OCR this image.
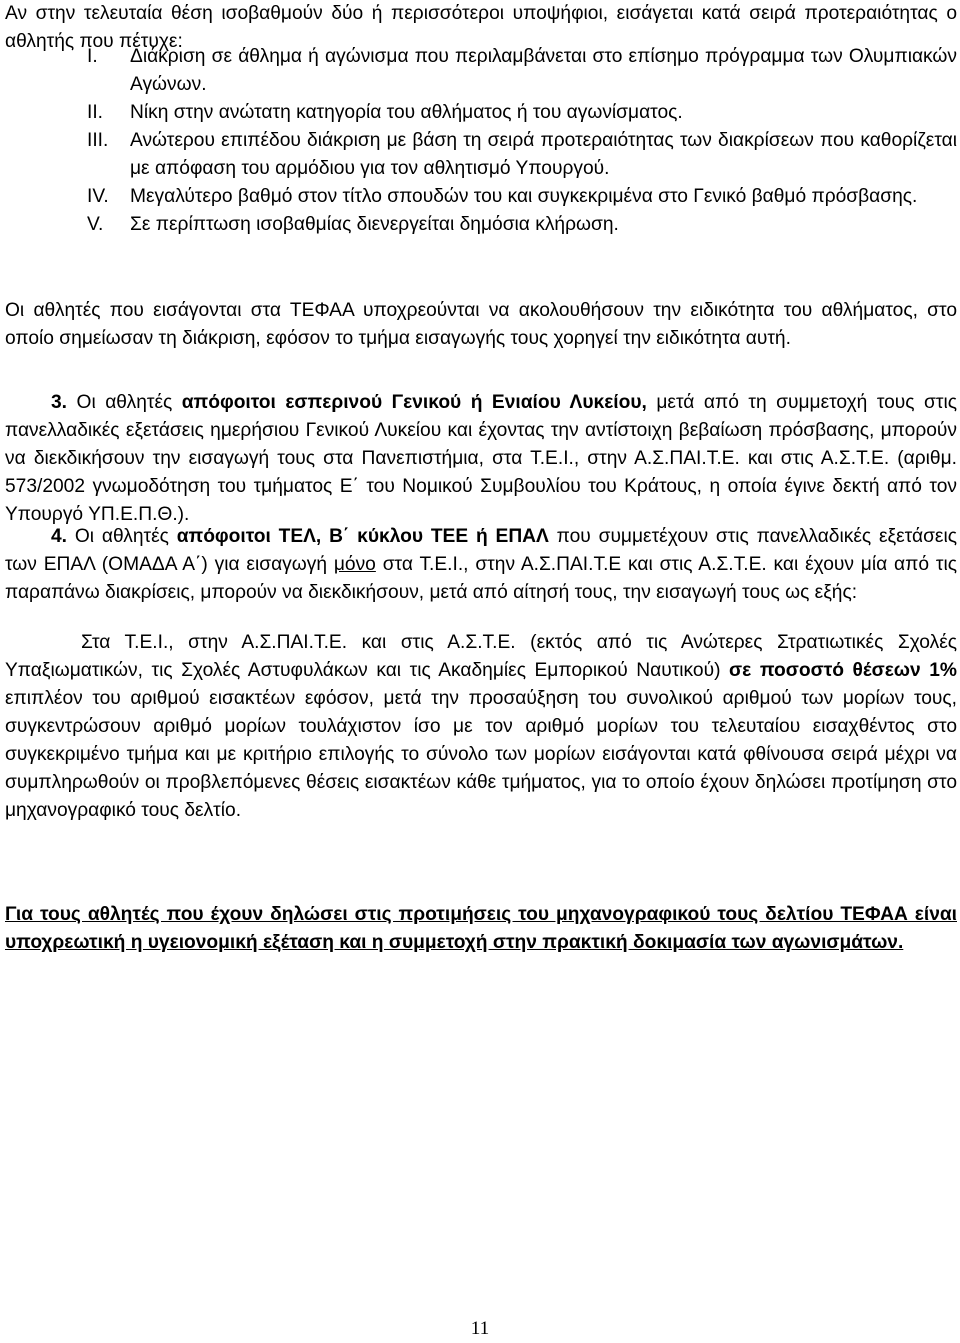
Αν στην τελευταία θέση ισοβαθμούν δύο ή περισσότεροι υποψήφιοι, εισάγεται κατά σειρά προτεραιότητας ο αθλητής που πέτυχε:

I. Διάκριση σε άθλημα ή αγώνισμα που περιλαμβάνεται στο επίσημο πρόγραμμα των Ολυμπιακών Αγώνων.
II. Νίκη στην ανώτατη κατηγορία του αθλήματος ή του αγωνίσματος.
III. Ανώτερου επιπέδου διάκριση με βάση τη σειρά προτεραιότητας των διακρίσεων που καθορίζεται με απόφαση του αρμόδιου για τον αθλητισμό Υπουργού.
IV. Μεγαλύτερο βαθμό στον τίτλο σπουδών του και συγκεκριμένα στο Γενικό βαθμό πρόσβασης.
V. Σε περίπτωση ισοβαθμίας διενεργείται δημόσια κλήρωση.

Οι αθλητές που εισάγονται στα ΤΕΦΑΑ υποχρεούνται να ακολουθήσουν την ειδικότητα του αθλήματος, στο οποίο σημείωσαν τη διάκριση, εφόσον το τμήμα εισαγωγής τους χορηγεί την ειδικότητα αυτή.

3. Οι αθλητές απόφοιτοι εσπερινού Γενικού ή Ενιαίου Λυκείου, μετά από τη συμμετοχή τους στις πανελλαδικές εξετάσεις ημερήσιου Γενικού Λυκείου και έχοντας την αντίστοιχη βεβαίωση πρόσβασης, μπορούν να διεκδικήσουν την εισαγωγή τους στα Πανεπιστήμια, στα Τ.Ε.Ι., στην Α.Σ.ΠΑΙ.Τ.Ε. και στις Α.Σ.Τ.Ε. (αριθμ. 573/2002 γνωμοδότηση του τμήματος Ε΄ του Νομικού Συμβουλίου του Κράτους, η οποία έγινε δεκτή από τον Υπουργό ΥΠ.Ε.Π.Θ.).

4. Οι αθλητές απόφοιτοι ΤΕΛ, Β΄ κύκλου ΤΕΕ ή ΕΠΑΛ που συμμετέχουν στις πανελλαδικές εξετάσεις των ΕΠΑΛ (ΟΜΑΔΑ Α΄) για εισαγωγή μόνο στα Τ.Ε.Ι., στην Α.Σ.ΠΑΙ.Τ.Ε και στις Α.Σ.Τ.Ε. και έχουν μία από τις παραπάνω διακρίσεις, μπορούν να διεκδικήσουν, μετά από αίτησή τους, την εισαγωγή τους ως εξής:

Στα Τ.Ε.Ι., στην Α.Σ.ΠΑΙ.Τ.Ε. και στις Α.Σ.Τ.Ε. (εκτός από τις Ανώτερες Στρατιωτικές Σχολές Υπαξιωματικών, τις Σχολές Αστυφυλάκων και τις Ακαδημίες Εμπορικού Ναυτικού) σε ποσοστό θέσεων 1% επιπλέον του αριθμού εισακτέων εφόσον, μετά την προσαύξηση του συνολικού αριθμού των μορίων τους, συγκεντρώσουν αριθμό μορίων τουλάχιστον ίσο με τον αριθμό μορίων του τελευταίου εισαχθέντος στο συγκεκριμένο τμήμα και με κριτήριο επιλογής το σύνολο των μορίων εισάγονται κατά φθίνουσα σειρά μέχρι να συμπληρωθούν οι προβλεπόμενες θέσεις εισακτέων κάθε τμήματος, για το οποίο έχουν δηλώσει προτίμηση στο μηχανογραφικό τους δελτίο.

Για τους αθλητές που έχουν δηλώσει στις προτιμήσεις του μηχανογραφικού τους δελτίου ΤΕΦΑΑ είναι υποχρεωτική η υγειονομική εξέταση και η συμμετοχή στην πρακτική δοκιμασία των αγωνισμάτων.

11
